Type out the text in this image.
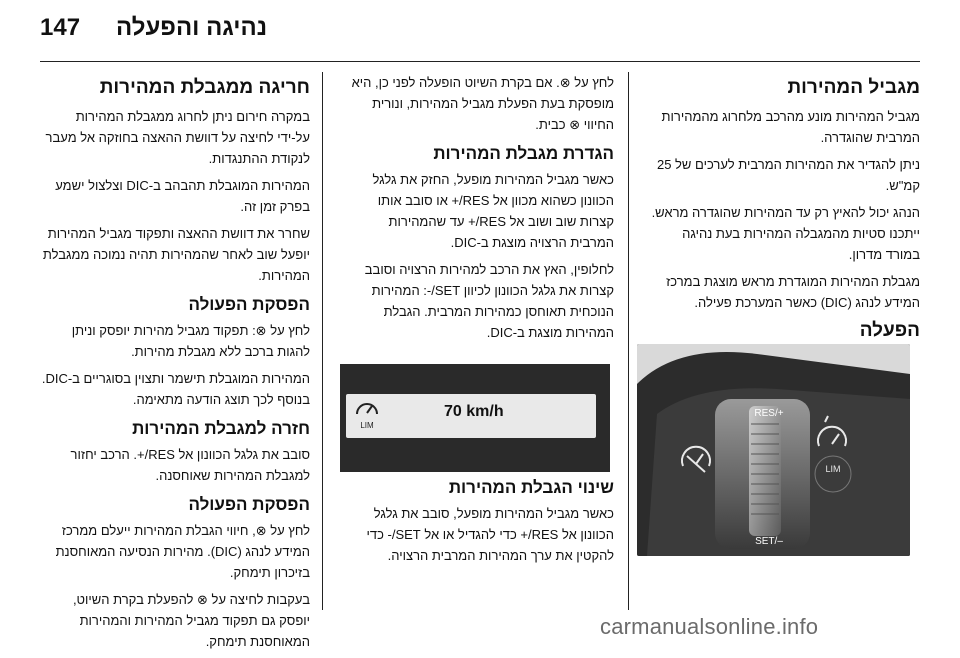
147 נהיגה והפעלה
מגביל המהירות

מגביל המהירות מונע מהרכב מלחרוג מהמהירות המרבית שהוגדרה.

ניתן להגדיר את המהירות המרבית לערכים של 25 קמ"ש.

הנהג יכול להאיץ רק עד המהירות שהוגדרה מראש. ייתכנו סטיות מהמגבלה המהירות בעת נהיגה במורד מדרון.

מגבלת המהירות המוגדרת מראש מוצגת במרכז המידע לנהג (DIC) כאשר המערכת פעילה.

הפעלה
RES/+
SET/–
LIM

לחץ על ⊗. אם בקרת השיוט הופעלה לפני כן, היא מופסקת בעת הפעלת מגביל המהירות, ונורית החיווי ⊗ כבית.

הגדרת מגבלת המהירות

כאשר מגביל המהירות מופעל, החזק את גלגל הכוונון כשהוא מכוון אל RES/+ או סובב אותו קצרות שוב ושוב אל RES/+ עד שהמהירות המרבית הרצויה מוצגת ב-DIC.

לחלופין, האץ את הרכב למהירות הרצויה וסובב קצרות את גלגל הכוונון לכיוון SET/-: המהירות הנוכחית תאוחסן כמהירות המרבית. הגבלת המהירות מוצגת ב-DIC.

שינוי הגבלת המהירות

כאשר מגביל המהירות מופעל, סובב את גלגל הכוונון אל RES/+ כדי להגדיל או אל SET/- כדי להקטין את ערך המהירות המרבית הרצויה.

LIM
70 km/h
חריגה ממגבלת המהירות

במקרה חירום ניתן לחרוג ממגבלת המהירות על-ידי לחיצה על דוושת ההאצה בחוזקה אל מעבר לנקודת ההתנגדות.

המהירות המוגבלת תהבהב ב-DIC וצלצול ישמע בפרק זמן זה.

שחרר את דוושת ההאצה ותפקוד מגביל המהירות יופעל שוב לאחר שהמהירות תהיה נמוכה ממגבלת המהירות.

הפסקת הפעולה

לחץ על ⊗: תפקוד מגביל מהירות יופסק וניתן להגות ברכב ללא מגבלת מהירות.

המהירות המוגבלת תישמר ותצוין בסוגריים ב-DIC. בנוסף לכך תוצג הודעה מתאימה.

חזרה למגבלת המהירות

סובב את גלגל הכוונון אל RES/+. הרכב יחזור למגבלת המהירות שאוחסנה.

הפסקת הפעולה

לחץ על ⊗, חיווי הגבלת המהירות ייעלם ממרכז המידע לנהג (DIC). מהירות הנסיעה המאוחסנת בזיכרון תימחק.

בעקבות לחיצה על ⊗ להפעלת בקרת השיוט, יופסק גם תפקוד מגביל המהירות והמהירות המאוחסנת תימחק.

carmanualsonline.info
